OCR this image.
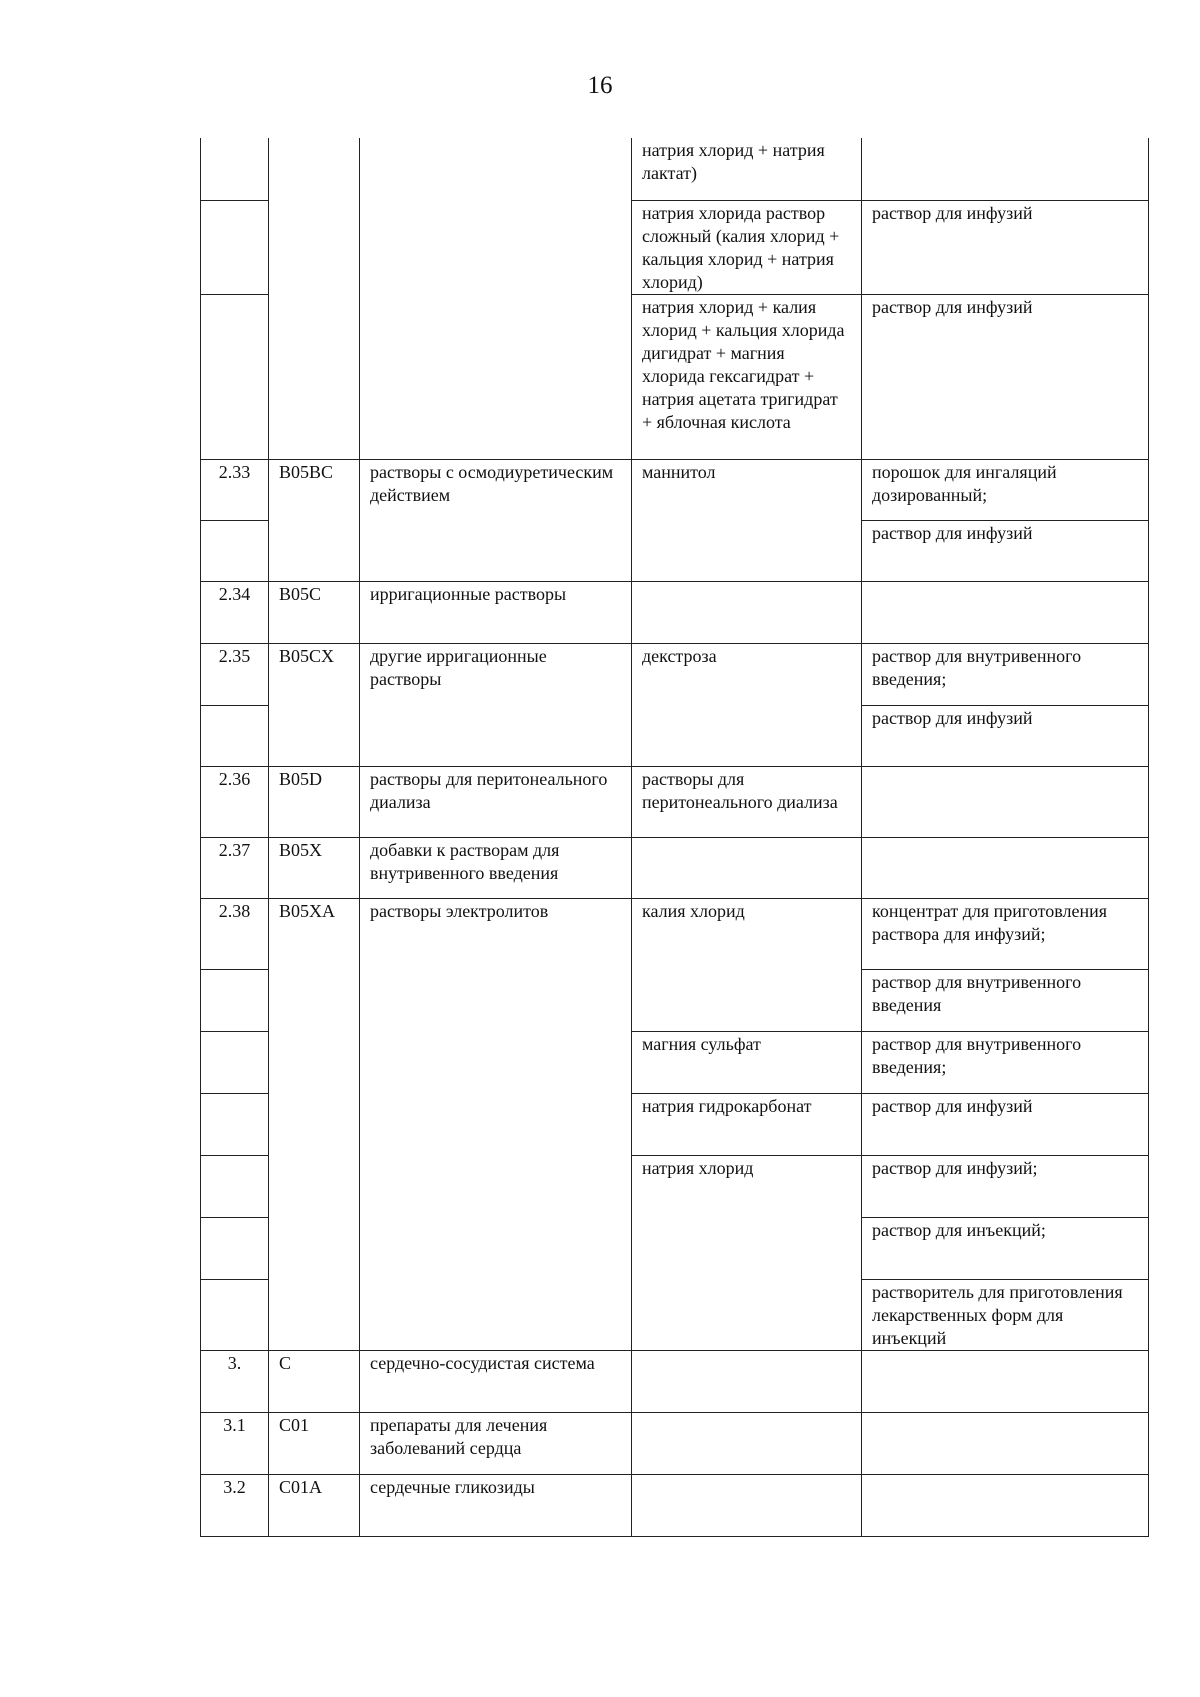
16
			натрия хлорид + натрия лактат)	
			натрия хлорида раствор сложный (калия хлорид + кальция хлорид + натрия хлорид)	раствор для инфузий
			натрия хлорид + калия хлорид + кальция хлорида дигидрат + магния хлорида гексагидрат + натрия ацетата тригидрат + яблочная кислота	раствор для инфузий
2.33	B05BC	растворы с осмодиуретическим действием	маннитол	порошок для ингаляций дозированный;
				раствор для инфузий
2.34	B05C	ирригационные растворы		
2.35	B05CX	другие ирригационные растворы	декстроза	раствор для внутривенного введения;
				раствор для инфузий
2.36	B05D	растворы для перитонеального диализа	растворы для перитонеального диализа	
2.37	B05X	добавки к растворам для внутривенного введения		
2.38	B05XA	растворы электролитов	калия хлорид	концентрат для приготовления раствора для инфузий;
				раствор для внутривенного введения
			магния сульфат	раствор для внутривенного введения;
			натрия гидрокарбонат	раствор для инфузий
			натрия хлорид	раствор для инфузий;
				раствор для инъекций;
				растворитель для приготовления лекарственных форм для инъекций
3.	C	сердечно-сосудистая система		
3.1	C01	препараты для лечения заболеваний сердца		
3.2	C01A	сердечные гликозиды		
